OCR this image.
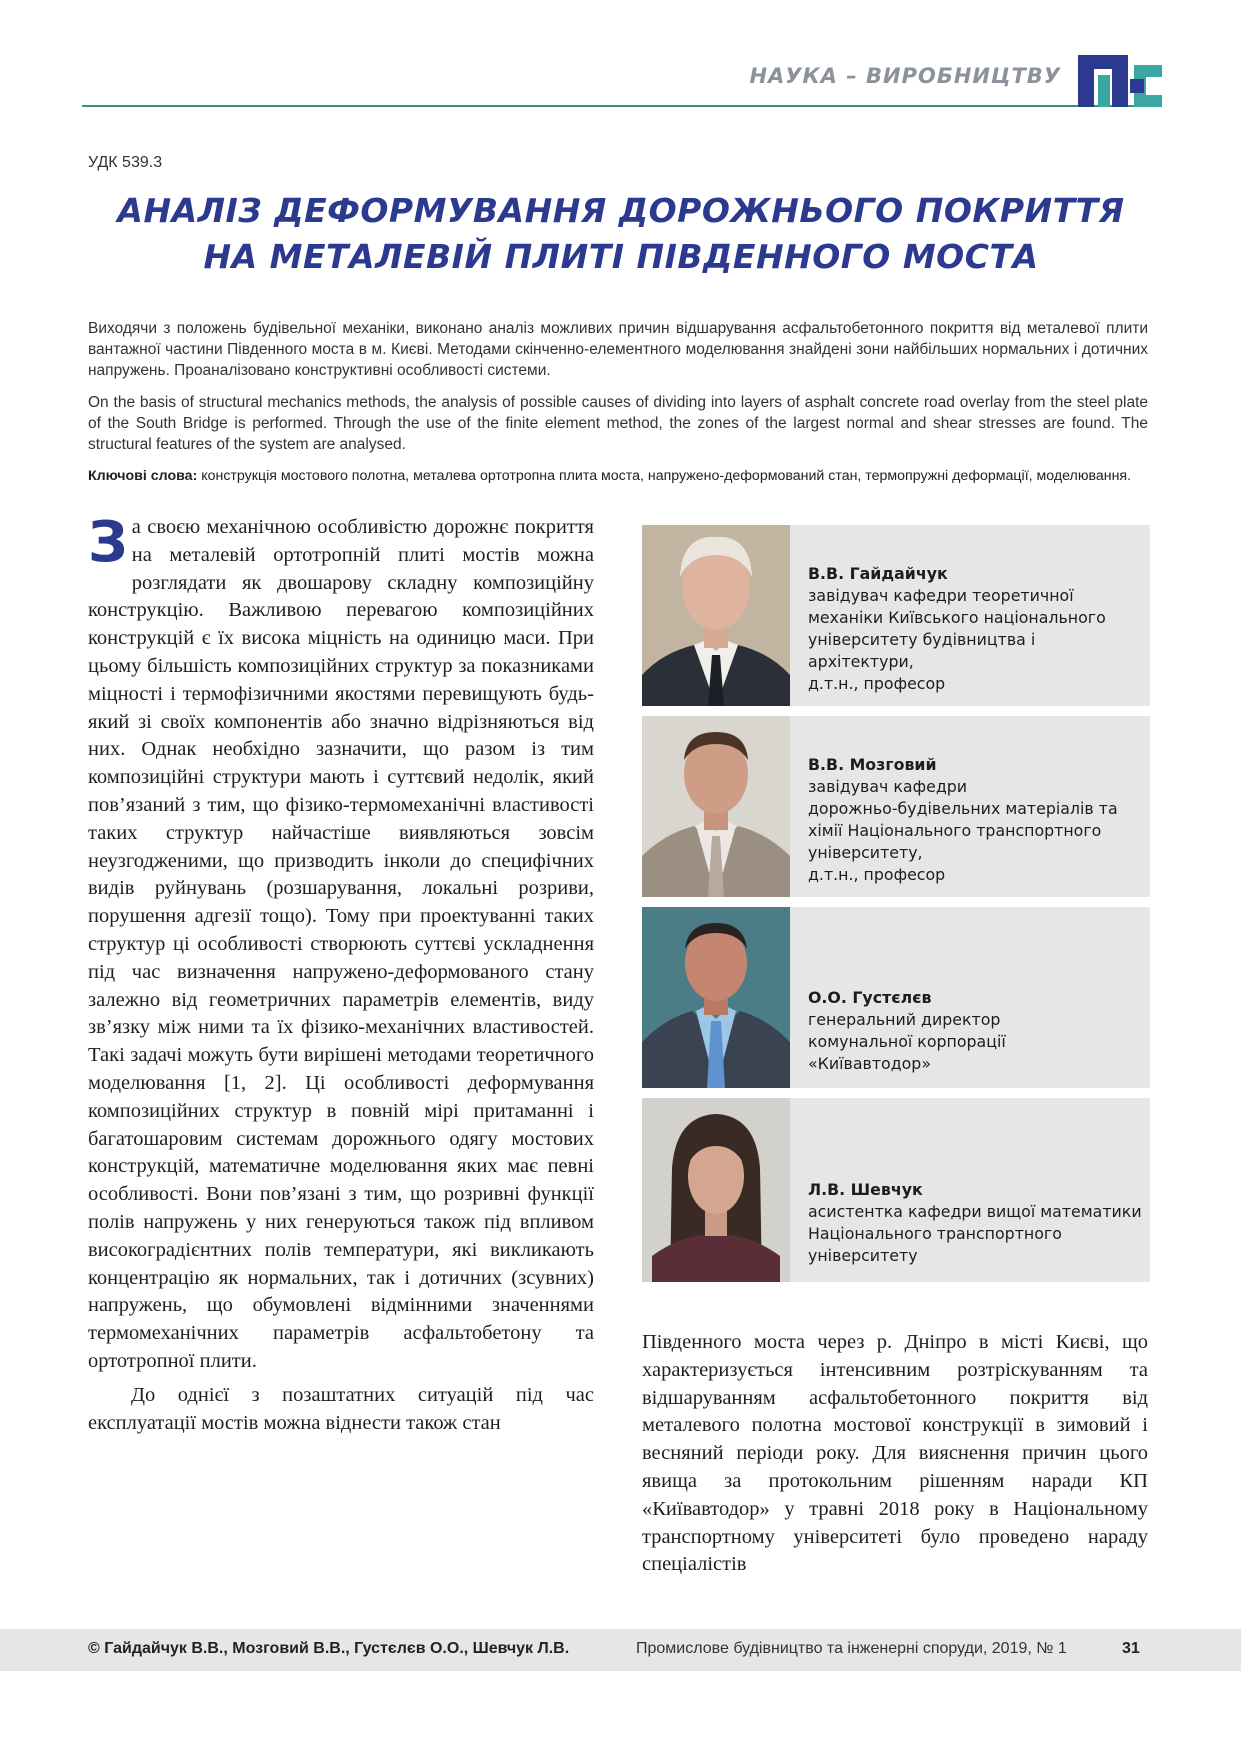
НАУКА – ВИРОБНИЦТВУ

П	Б	І	С

УДК 539.3

АНАЛІЗ ДЕФОРМУВАННЯ ДОРОЖНЬОГО ПОКРИТТЯ
НА МЕТАЛЕВІЙ ПЛИТІ ПІВДЕННОГО МОСТА

Виходячи з положень будівельної механіки, виконано аналіз можливих причин відшарування асфальтобетонного покриття від металевої плити вантажної частини Південного моста в м. Києві. Методами скінченно-елементного моделювання знайдені зони найбільших нормальних і дотичних напружень. Проаналізовано конструктивні особливості системи.

On the basis of structural mechanics methods, the analysis of possible causes of dividing into layers of asphalt concrete road overlay from the steel plate of the South Bridge is performed. Through the use of the finite element method, the zones of the largest normal and shear stresses are found. The structural features of the system are analysed.

Ключові слова: конструкція мостового полотна, металева ортотропна плита моста, напружено-деформований стан, термопружні деформації, моделювання.

За своєю механічною особливістю дорожнє покриття на металевій ортотропній плиті мостів можна розглядати як двошарову складну композиційну конструкцію. Важливою перевагою композиційних конструкцій є їх висока міцність на одиницю маси. При цьому більшість композиційних структур за показниками міцності і термофізичними якостями перевищують будь-який зі своїх компонентів або значно відрізняються від них. Однак необхідно зазначити, що разом із тим композиційні структури мають і суттєвий недолік, який пов’язаний з тим, що фізико-термомеханічні властивості таких структур найчастіше виявляються зовсім неузгодженими, що призводить інколи до специфічних видів руйнувань (розшарування, локальні розриви, порушення адгезії тощо). Тому при проектуванні таких структур ці особливості створюють суттєві ускладнення під час визначення напружено-деформованого стану залежно від геометричних параметрів елементів, виду зв’язку між ними та їх фізико-механічних властивостей. Такі задачі можуть бути вирішені методами теоретичного моделювання [1, 2]. Ці особливості деформування композиційних структур в повній мірі притаманні і багатошаровим системам дорожнього одягу мостових конструкцій, математичне моделювання яких має певні особливості. Вони пов’язані з тим, що розривні функції полів напружень у них генеруються також під впливом високоградієнтних полів температури, які викликають концентрацію як нормальних, так і дотичних (зсувних) напружень, що обумовлені відмінними значеннями термомеханічних параметрів асфальтобетону та ортотропної плити.

До однієї з позаштатних ситуацій під час експлуатації мостів можна віднести також стан

В.В. Гайдайчук
завідувач кафедри теоретичної
механіки Київського національного
університету будівництва і
архітектури,
д.т.н., професор
В.В. Мозговий
завідувач кафедри
дорожньо-будівельних матеріалів та
хімії Національного транспортного
університету,
д.т.н., професор
О.О. Густєлєв
генеральний директор
комунальної корпорації
«Київавтодор»
Л.В. Шевчук
асистентка кафедри вищої математики
Національного транспортного
університету

Південного моста через р. Дніпро в місті Києві, що характеризується інтенсивним розтріскуванням та відшаруванням асфальтобетонного покриття від металевого полотна мостової конструкції в зимовий і весняний періоди року. Для вияснення причин цього явища за протокольним рішенням наради КП «Київавтодор» у травні 2018 року в Національному транспортному університеті було проведено нараду спеціалістів

© Гайдайчук В.В., Мозговий В.В., Густєлєв О.О., Шевчук Л.В.	Промислове будівництво та інженерні споруди, 2019, № 1	31
